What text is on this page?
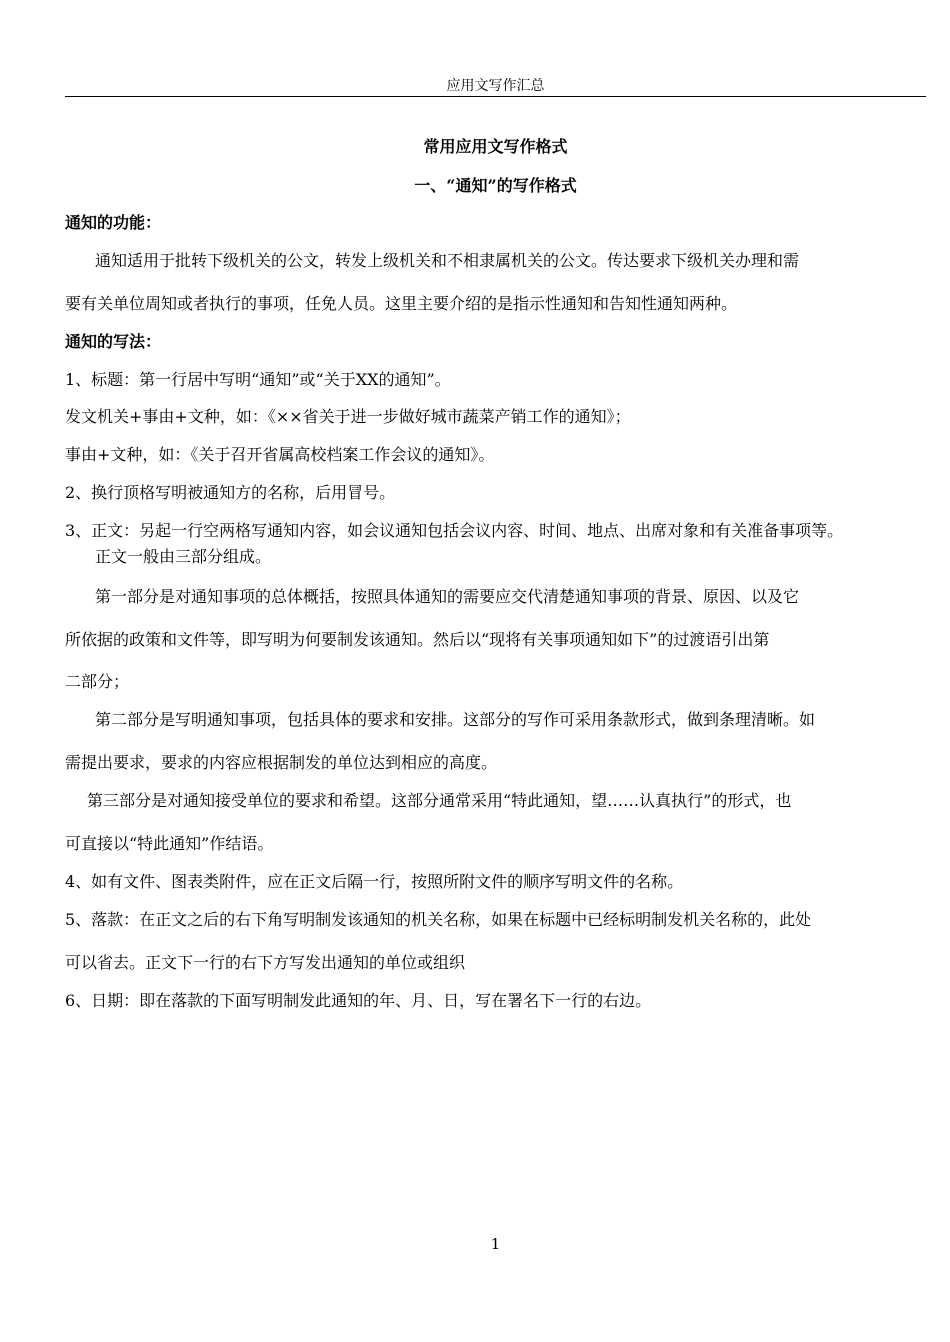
应用文写作汇总
常用应用文写作格式
一、“通知”的写作格式
通知的功能：
通知适用于批转下级机关的公文，转发上级机关和不相隶属机关的公文。传达要求下级机关办理和需
要有关单位周知或者执行的事项，任免人员。这里主要介绍的是指示性通知和告知性通知两种。
通知的写法：
1、标题：第一行居中写明“通知”或“关于XX的通知”。
发文机关+事由+文种，如：《××省关于进一步做好城市蔬菜产销工作的通知》；
事由+文种，如：《关于召开省属高校档案工作会议的通知》。
2、换行顶格写明被通知方的名称，后用冒号。
3、正文：另起一行空两格写通知内容，如会议通知包括会议内容、时间、地点、出席对象和有关准备事项等。
正文一般由三部分组成。
第一部分是对通知事项的总体概括，按照具体通知的需要应交代清楚通知事项的背景、原因、以及它
所依据的政策和文件等，即写明为何要制发该通知。然后以“现将有关事项通知如下”的过渡语引出第
二部分；
第二部分是写明通知事项，包括具体的要求和安排。这部分的写作可采用条款形式，做到条理清晰。如
需提出要求，要求的内容应根据制发的单位达到相应的高度。
第三部分是对通知接受单位的要求和希望。这部分通常采用“特此通知，望……认真执行”的形式，也
可直接以“特此通知”作结语。
4、如有文件、图表类附件，应在正文后隔一行，按照所附文件的顺序写明文件的名称。
5、落款：在正文之后的右下角写明制发该通知的机关名称，如果在标题中已经标明制发机关名称的，此处
可以省去。正文下一行的右下方写发出通知的单位或组织
6、日期：即在落款的下面写明制发此通知的年、月、日，写在署名下一行的右边。
1
